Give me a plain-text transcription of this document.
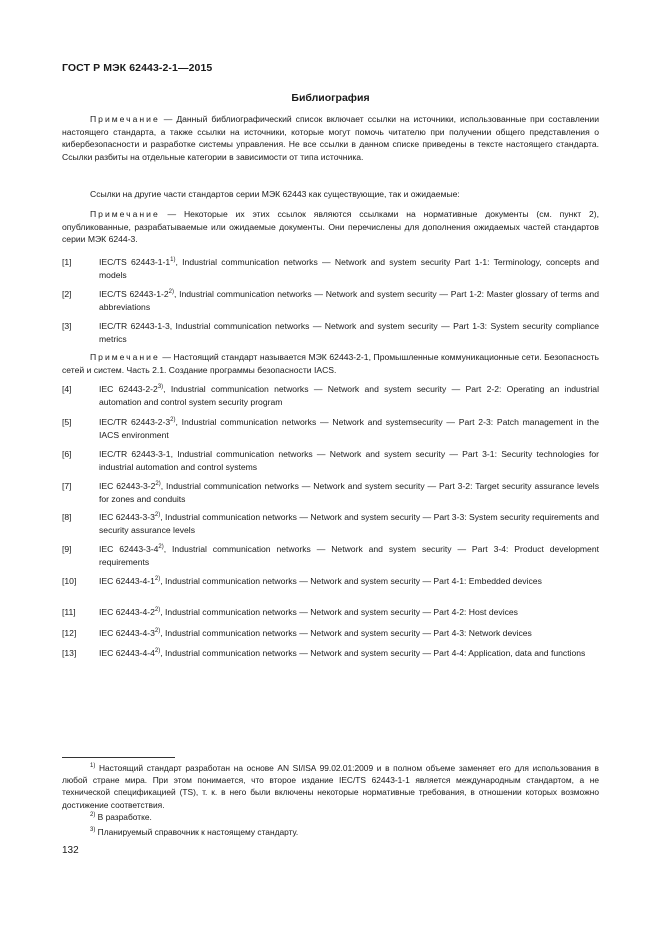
ГОСТ Р МЭК 62443-2-1—2015
Библиография
Примечание — Данный библиографический список включает ссылки на источники, использованные при составлении настоящего стандарта, а также ссылки на источники, которые могут помочь читателю при получении общего представления о кибербезопасности и разработке системы управления. Не все ссылки в данном списке приведены в тексте настоящего стандарта. Ссылки разбиты на отдельные категории в зависимости от типа источника.
Ссылки на другие части стандартов серии МЭК 62443 как существующие, так и ожидаемые:
Примечание — Некоторые их этих ссылок являются ссылками на нормативные документы (см. пункт 2), опубликованные, разрабатываемые или ожидаемые документы. Они перечислены для дополнения ожидаемых частей стандартов серии МЭК 6244-3.
[1]	IEC/TS 62443-1-1$^{1)}$, Industrial communication networks — Network and system security Part 1-1: Terminology, concepts and models
[2]	IEC/TS 62443-1-2$^{2)}$, Industrial communication networks — Network and system security — Part 1-2: Master glossary of terms and abbreviations
[3]	IEC/TR 62443-1-3, Industrial communication networks — Network and system security — Part 1-3: System security compliance metrics
Примечание — Настоящий стандарт называется МЭК 62443-2-1, Промышленные коммуникационные сети. Безопасность сетей и систем. Часть 2.1. Создание программы безопасности IACS.
[4]	IEC 62443-2-2$^{3)}$, Industrial communication networks — Network and system security — Part 2-2: Operating an industrial automation and control system security program
[5]	IEC/TR 62443-2-3$^{2)}$, Industrial communication networks — Network and systemsecurity — Part 2-3: Patch management in the IACS environment
[6]	IEC/TR 62443-3-1, Industrial communication networks — Network and system security — Part 3-1: Security technologies for industrial automation and control systems
[7]	IEC 62443-3-2$^{2)}$, Industrial communication networks — Network and system security — Part 3-2: Target security assurance levels for zones and conduits
[8]	IEC 62443-3-3$^{2)}$, Industrial communication networks — Network and system security — Part 3-3: System security requirements and security assurance levels
[9]	IEC 62443-3-4$^{2)}$, Industrial communication networks — Network and system security — Part 3-4: Product development requirements
[10]	IEC 62443-4-1$^{2)}$, Industrial communication networks — Network and system security — Part 4-1: Embedded devices
[11]	IEC 62443-4-2$^{2)}$, Industrial communication networks — Network and system security — Part 4-2: Host devices
[12]	IEC 62443-4-3$^{2)}$, Industrial communication networks — Network and system security — Part 4-3: Network devices
[13]	IEC 62443-4-4$^{2)}$, Industrial communication networks — Network and system security — Part 4-4: Application, data and functions
$^{1)}$ Настоящий стандарт разработан на основе AN SI/ISA 99.02.01:2009 и в полном объеме заменяет его для использования в любой стране мира. При этом понимается, что второе издание IEC/TS 62443-1-1 является международным стандартом, а не технической спецификацией (TS), т. к. в него были включены некоторые нормативные требования, в отношении которых возможно достижение соответствия.
$^{2)}$ В разработке.
$^{3)}$ Планируемый справочник к настоящему стандарту.
132
